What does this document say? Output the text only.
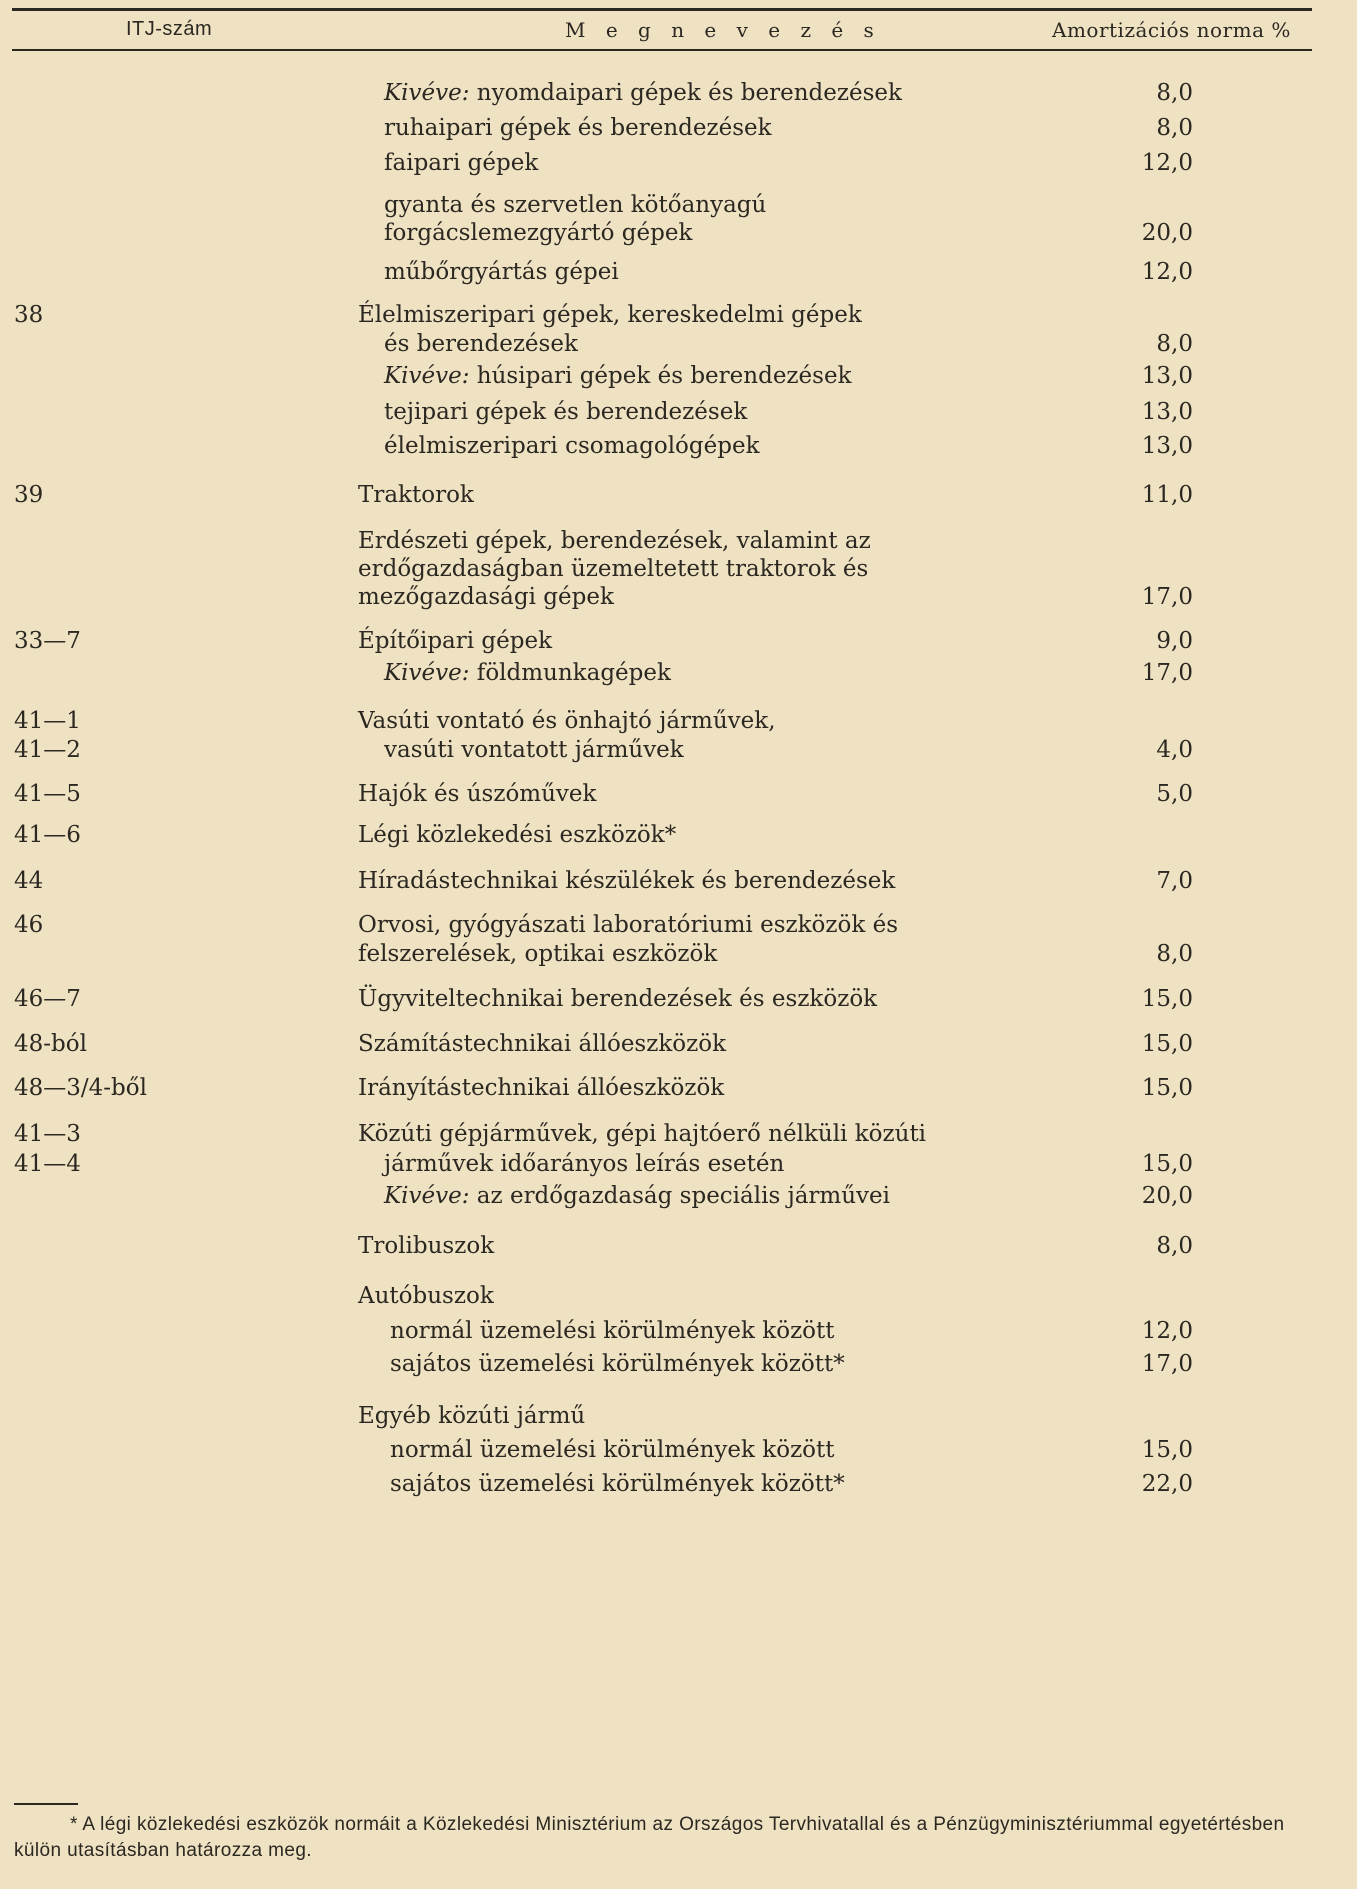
ITJ-szám	M e g n e v e z é s	Amortizációs norma %
Kivéve: nyomdaipari gépek és berendezések	8,0
ruhaipari gépek és berendezések	8,0
faipari gépek	12,0
gyanta és szervetlen kötőanyagú
forgácslemezgyártó gépek	20,0
műbőrgyártás gépei	12,0
38	Élelmiszeripari gépek, kereskedelmi gépek
és berendezések	8,0
Kivéve: húsipari gépek és berendezések	13,0
tejipari gépek és berendezések	13,0
élelmiszeripari csomagológépek	13,0
39	Traktorok	11,0
Erdészeti gépek, berendezések, valamint az
erdőgazdaságban üzemeltetett traktorok és
mezőgazdasági gépek	17,0
33—7	Építőipari gépek	9,0
Kivéve: földmunkagépek	17,0
41—1	Vasúti vontató és önhajtó járművek,
41—2	vasúti vontatott járművek	4,0
41—5	Hajók és úszóművek	5,0
41—6	Légi közlekedési eszközök*
44	Híradástechnikai készülékek és berendezések	7,0
46	Orvosi, gyógyászati laboratóriumi eszközök és
felszerelések, optikai eszközök	8,0
46—7	Ügyviteltechnikai berendezések és eszközök	15,0
48-ból	Számítástechnikai állóeszközök	15,0
48—3/4-ből	Irányítástechnikai állóeszközök	15,0
41—3	Közúti gépjárművek, gépi hajtóerő nélküli közúti
41—4	járművek időarányos leírás esetén	15,0
Kivéve: az erdőgazdaság speciális járművei	20,0
Trolibuszok	8,0
Autóbuszok
normál üzemelési körülmények között	12,0
sajátos üzemelési körülmények között*	17,0
Egyéb közúti jármű
normál üzemelési körülmények között	15,0
sajátos üzemelési körülmények között*	22,0
* A légi közlekedési eszközök normáit a Közlekedési Minisztérium az Országos Tervhivatallal és a Pénzügyminisztériummal egyetértésben külön utasításban határozza meg.
